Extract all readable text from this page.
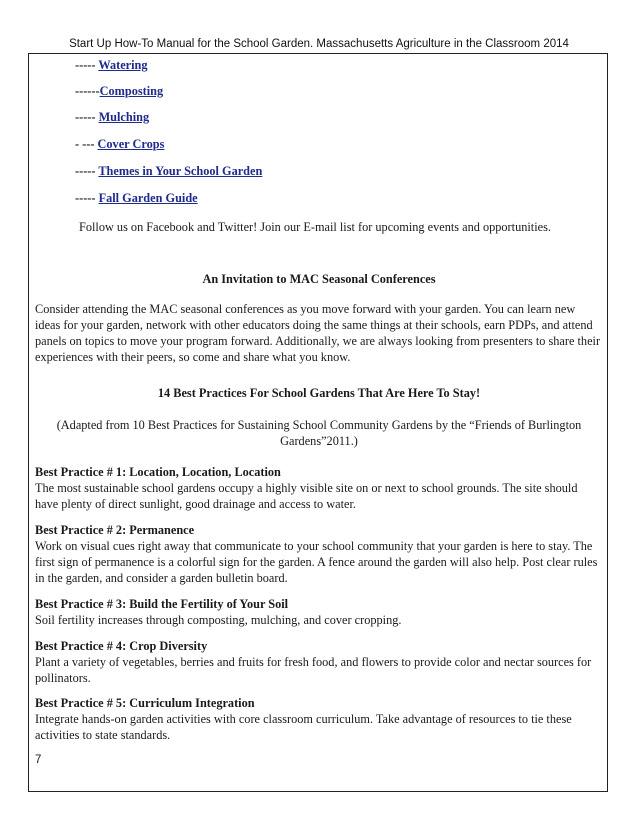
Start Up How-To Manual for the School Garden. Massachusetts Agriculture in the Classroom 2014
----- Watering
------Composting
----- Mulching
- --- Cover Crops
----- Themes in Your School Garden
----- Fall Garden Guide
Follow us on Facebook and Twitter! Join our E-mail list for upcoming events and opportunities.
An Invitation to MAC Seasonal Conferences
Consider attending the MAC seasonal conferences as you move forward with your garden. You can learn new ideas for your garden, network with other educators doing the same things at their schools, earn PDPs, and attend panels on topics to move your program forward. Additionally, we are always looking from presenters to share their experiences with their peers, so come and share what you know.
14 Best Practices For School Gardens That Are Here To Stay!
(Adapted from 10 Best Practices for Sustaining School Community Gardens by the “Friends of Burlington Gardens”2011.)
Best Practice # 1: Location, Location, Location
The most sustainable school gardens occupy a highly visible site on or next to school grounds. The site should have plenty of direct sunlight, good drainage and access to water.
Best Practice # 2: Permanence
Work on visual cues right away that communicate to your school community that your garden is here to stay. The first sign of permanence is a colorful sign for the garden. A fence around the garden will also help. Post clear rules in the garden, and consider a garden bulletin board.
Best Practice # 3: Build the Fertility of Your Soil
Soil fertility increases through composting, mulching, and cover cropping.
Best Practice # 4: Crop Diversity
Plant a variety of vegetables, berries and fruits for fresh food, and flowers to provide color and nectar sources for pollinators.
Best Practice # 5: Curriculum Integration
Integrate hands-on garden activities with core classroom curriculum. Take advantage of resources to tie these activities to state standards.
7
